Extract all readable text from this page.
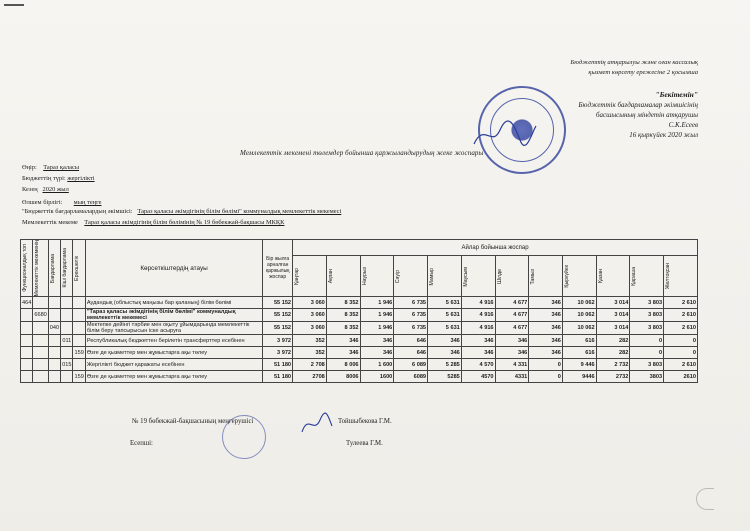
Бюджеттің атқарылуы және оған кассалық
қызмет көрсету ережесіне 2 қосымша
"Бекітемін"
Бюджеттік бағдарламалар әкімшісінің
басшысының міндетін атқарушы
С.К.Есеев
16 қыркүйек 2020 жыл
Мемлекеттік мекемені төлемдер бойынша қаржыландырудың жеке жоспары
Өңір: Тараз қаласы
Бюджеттің түрі: жергілікті
Кезең 2020 жыл
Өлшем бірлігі: мың теңге
"Бюджеттік бағдарламалардың әкімшісі: Тараз қаласы әкімдігінің білім бөлімі" коммуналдық мемлекеттік мекемесі
Мемлекеттік мекеме Тараз қаласы әкімдігінің білім бөлімінің № 19 бөбекжай-бақшасы МКҚК
Функционалдық топ	Мемлекеттік мекеменің	Бағдарлама	Кіші бағдарлама	Ерекшелік	Көрсеткіштердің атауы	Бір жылға арналған қаржылық жоспар	Айлар бойынша жоспар											

							Қаңтар	Ақпан	Наурыз	Сәуір	Мамыр	Маусым	Шілде	Тамыз	Қыркүйек	Қазан	Қараша	Желтоқсан

464					Аудандық (облыстық маңызы бар қаланың) білім бөлімі	55 152	3 060	8 352	1 946	6 735	5 631	4 916	4 677	346	10 062	3 014	3 803	2 610
	6680				"Тараз қаласы әкімдігінің білім бөлімі" коммуналдық мемлекеттік мекемесі	55 152	3 060	8 352	1 946	6 735	5 631	4 916	4 677	346	10 062	3 014	3 803	2 610
		040			Мектепке дейінгі тәрбие мен оқыту ұйымдарында мемлекеттік білім беру тапсырысын іске асыруға	55 152	3 060	8 352	1 946	6 735	5 631	4 916	4 677	346	10 062	3 014	3 803	2 610
			011		Республикалық бюджеттен берілетін трансферттер есебінен	3 972	352	346	346	646	346	346	346	346	616	282	0	0
				159	Өзге де қызметтер мен жұмыстарға ақы төлеу	3 972	352	346	346	646	346	346	346	346	616	282	0	0
			015		Жергілікті бюджет қаражаты есебінен	51 180	2 708	8 006	1 600	6 089	5 285	4 570	4 331	0	9 446	2 732	3 803	2 610
				159	Өзге де қызметтер мен жұмыстарға ақы төлеу	51 180	2708	8006	1600	6089	5285	4570	4331	0	9446	2732	3803	2610
№ 19 бөбекжай-бақшасының меңгерушісі	Тойшыбекова Г.М.
Есепші:	Тулеева Г.М.
